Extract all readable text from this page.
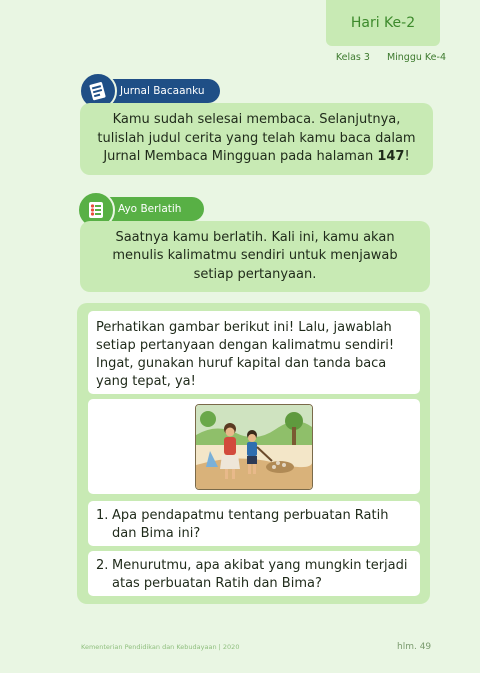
Hari Ke-2
Kelas 3 Minggu Ke-4
Jurnal Bacaanku
Kamu sudah selesai membaca. Selanjutnya, tulislah judul cerita yang telah kamu baca dalam Jurnal Membaca Mingguan pada halaman 147!
Ayo Berlatih
Saatnya kamu berlatih. Kali ini, kamu akan menulis kalimatmu sendiri untuk menjawab setiap pertanyaan.
Perhatikan gambar berikut ini! Lalu, jawablah setiap pertanyaan dengan kalimatmu sendiri! Ingat, gunakan huruf kapital dan tanda baca yang tepat, ya!
1. Apa pendapatmu tentang perbuatan Ratih dan Bima ini?
2. Menurutmu, apa akibat yang mungkin terjadi atas perbuatan Ratih dan Bima?
Kementerian Pendidikan dan Kebudayaan | 2020	hlm. 49
